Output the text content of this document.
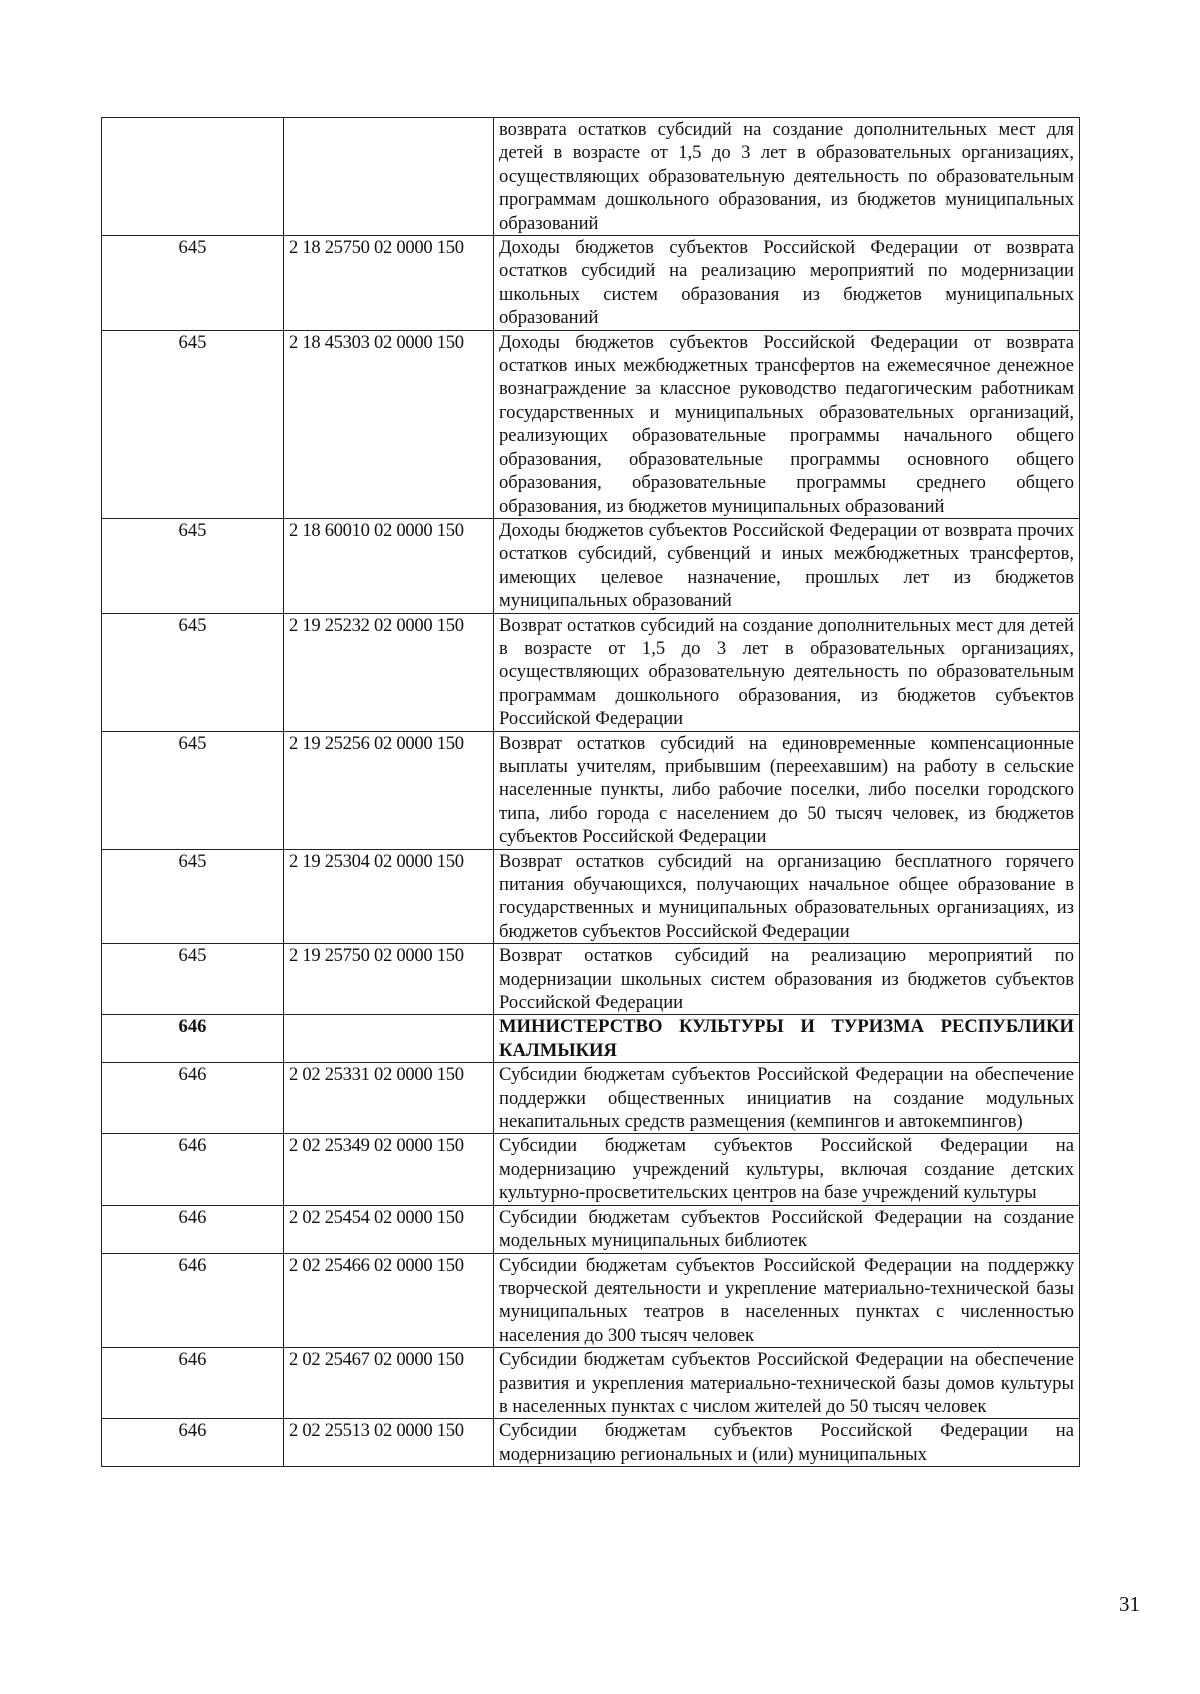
		возврата остатков субсидий на создание дополнительных мест для детей в возрасте от 1,5 до 3 лет в образовательных организациях, осуществляющих образовательную деятельность по образовательным программам дошкольного образования, из бюджетов муниципальных образований
645	2 18 25750 02 0000 150	Доходы бюджетов субъектов Российской Федерации от возврата остатков субсидий на реализацию мероприятий по модернизации школьных систем образования из бюджетов муниципальных образований
645	2 18 45303 02 0000 150	Доходы бюджетов субъектов Российской Федерации от возврата остатков иных межбюджетных трансфертов на ежемесячное денежное вознаграждение за классное руководство педагогическим работникам государственных и муниципальных образовательных организаций, реализующих образовательные программы начального общего образования, образовательные программы основного общего образования, образовательные программы среднего общего образования, из бюджетов муниципальных образований
645	2 18 60010 02 0000 150	Доходы бюджетов субъектов Российской Федерации от возврата прочих остатков субсидий, субвенций и иных межбюджетных трансфертов, имеющих целевое назначение, прошлых лет из бюджетов муниципальных образований
645	2 19 25232 02 0000 150	Возврат остатков субсидий на создание дополнительных мест для детей в возрасте от 1,5 до 3 лет в образовательных организациях, осуществляющих образовательную деятельность по образовательным программам дошкольного образования, из бюджетов субъектов Российской Федерации
645	2 19 25256 02 0000 150	Возврат остатков субсидий на единовременные компенсационные выплаты учителям, прибывшим (переехавшим) на работу в сельские населенные пункты, либо рабочие поселки, либо поселки городского типа, либо города с населением до 50 тысяч человек, из бюджетов субъектов Российской Федерации
645	2 19 25304 02 0000 150	Возврат остатков субсидий на организацию бесплатного горячего питания обучающихся, получающих начальное общее образование в государственных и муниципальных образовательных организациях, из бюджетов субъектов Российской Федерации
645	2 19 25750 02 0000 150	Возврат остатков субсидий на реализацию мероприятий по модернизации школьных систем образования из бюджетов субъектов Российской Федерации
646		МИНИСТЕРСТВО КУЛЬТУРЫ И ТУРИЗМА РЕСПУБЛИКИ КАЛМЫКИЯ
646	2 02 25331 02 0000 150	Субсидии бюджетам субъектов Российской Федерации на обеспечение поддержки общественных инициатив на создание модульных некапитальных средств размещения (кемпингов и автокемпингов)
646	2 02 25349 02 0000 150	Субсидии бюджетам субъектов Российской Федерации на модернизацию учреждений культуры, включая создание детских культурно-просветительских центров на базе учреждений культуры
646	2 02 25454 02 0000 150	Субсидии бюджетам субъектов Российской Федерации на создание модельных муниципальных библиотек
646	2 02 25466 02 0000 150	Субсидии бюджетам субъектов Российской Федерации на поддержку творческой деятельности и укрепление материально-технической базы муниципальных театров в населенных пунктах с численностью населения до 300 тысяч человек
646	2 02 25467 02 0000 150	Субсидии бюджетам субъектов Российской Федерации на обеспечение развития и укрепления материально-технической базы домов культуры в населенных пунктах с числом жителей до 50 тысяч человек
646	2 02 25513 02 0000 150	Субсидии бюджетам субъектов Российской Федерации на модернизацию региональных и (или) муниципальных
31
